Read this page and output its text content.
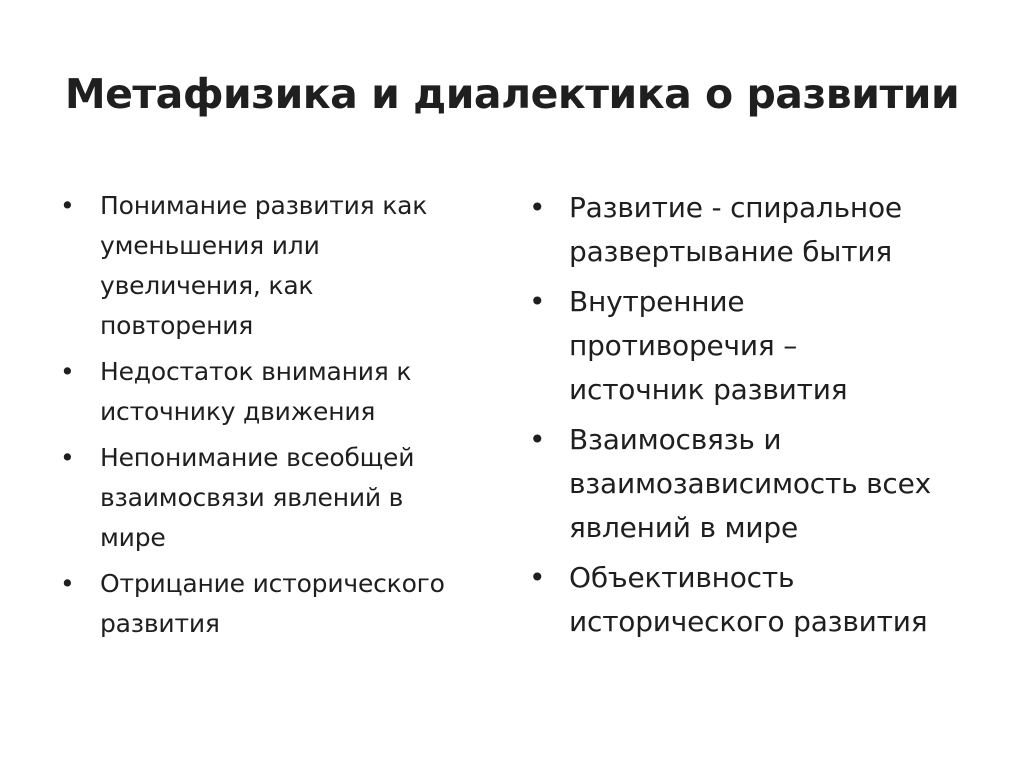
Метафизика и диалектика о развитии
• Понимание развития как
уменьшения или
увеличения, как
повторения
• Недостаток внимания к
источнику движения
• Непонимание всеобщей
взаимосвязи явлений в
мире
• Отрицание исторического
развития
• Развитие - спиральное
развертывание бытия
• Внутренние
противоречия –
источник развития
• Взаимосвязь и
взаимозависимость всех
явлений в мире
• Объективность
исторического развития
